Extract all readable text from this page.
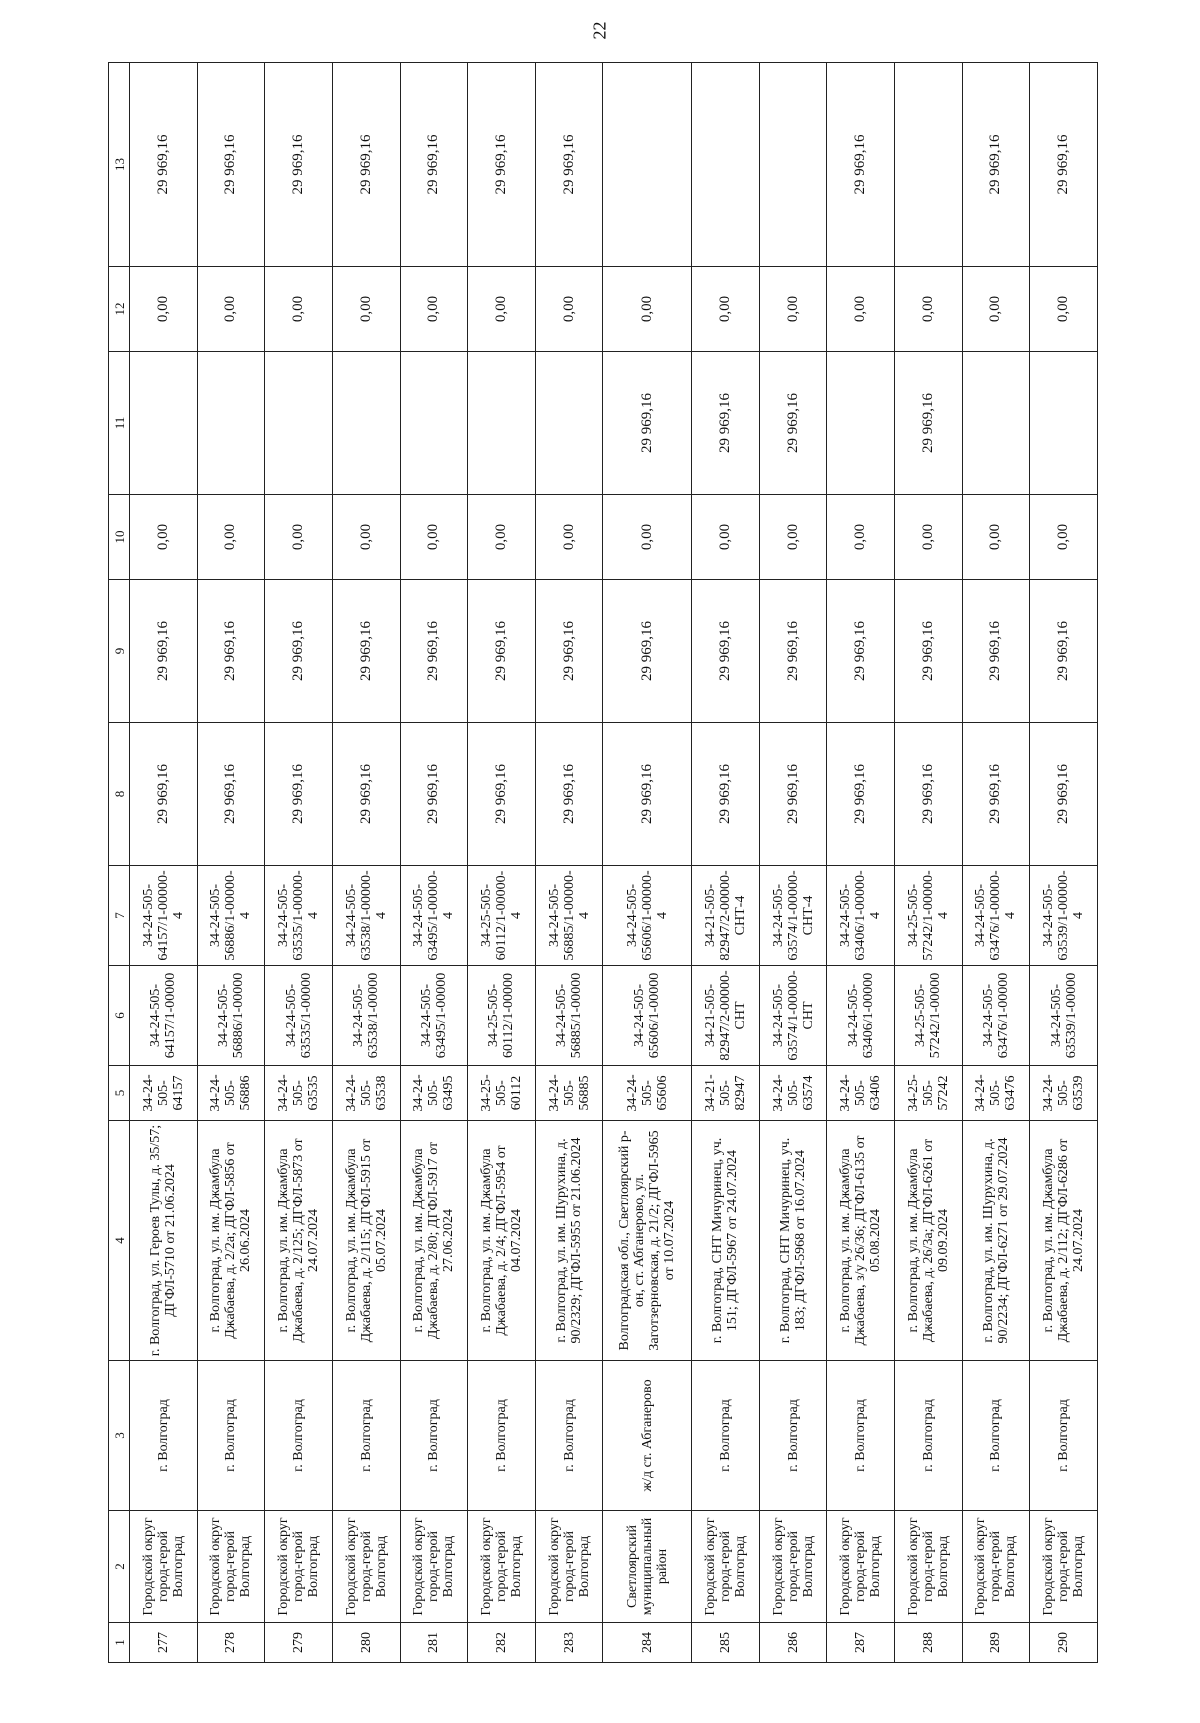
22
1	2	3	4	5	6	7	8	9	10	11	12	13
277	Городской округ город-герой Волгоград	г. Волгоград	г. Волгоград, ул. Героев Тулы, д. 35/57; ДГФЛ-5710 от 21.06.2024	34-24-505-64157	34-24-505-64157/1-00000	34-24-505-64157/1-00000-4	29 969,16	29 969,16	0,00		0,00	29 969,16
278	Городской округ город-герой Волгоград	г. Волгоград	г. Волгоград, ул. им. Джамбула Джабаева, д. 2/2а; ДГФЛ-5856 от 26.06.2024	34-24-505-56886	34-24-505-56886/1-00000	34-24-505-56886/1-00000-4	29 969,16	29 969,16	0,00		0,00	29 969,16
279	Городской округ город-герой Волгоград	г. Волгоград	г. Волгоград, ул. им. Джамбула Джабаева, д. 2/125; ДГФЛ-5873 от 24.07.2024	34-24-505-63535	34-24-505-63535/1-00000	34-24-505-63535/1-00000-4	29 969,16	29 969,16	0,00		0,00	29 969,16
280	Городской округ город-герой Волгоград	г. Волгоград	г. Волгоград, ул. им. Джамбула Джабаева, д. 2/115; ДГФЛ-5915 от 05.07.2024	34-24-505-63538	34-24-505-63538/1-00000	34-24-505-63538/1-00000-4	29 969,16	29 969,16	0,00		0,00	29 969,16
281	Городской округ город-герой Волгоград	г. Волгоград	г. Волгоград, ул. им. Джамбула Джабаева, д. 2/80; ДГФЛ-5917 от 27.06.2024	34-24-505-63495	34-24-505-63495/1-00000	34-24-505-63495/1-00000-4	29 969,16	29 969,16	0,00		0,00	29 969,16
282	Городской округ город-герой Волгоград	г. Волгоград	г. Волгоград, ул. им. Джамбула Джабаева, д. 2/4; ДГФЛ-5954 от 04.07.2024	34-25-505-60112	34-25-505-60112/1-00000	34-25-505-60112/1-00000-4	29 969,16	29 969,16	0,00		0,00	29 969,16
283	Городской округ город-герой Волгоград	г. Волгоград	г. Волгоград, ул. им. Шурухина, д. 90/2329; ДГФЛ-5955 от 21.06.2024	34-24-505-56885	34-24-505-56885/1-00000	34-24-505-56885/1-00000-4	29 969,16	29 969,16	0,00		0,00	29 969,16
284	Светлоярский муниципальный район	ж/д ст. Абганерово	Волгоградская обл., Светлоярский р-он, ст. Абганерово, ул. Заготзерновская, д. 21/2; ДГФЛ-5965 от 10.07.2024	34-24-505-65606	34-24-505-65606/1-00000	34-24-505-65606/1-00000-4	29 969,16	29 969,16	0,00	29 969,16	0,00	
285	Городской округ город-герой Волгоград	г. Волгоград	г. Волгоград, СНТ Мичуринец, уч. 151; ДГФЛ-5967 от 24.07.2024	34-21-505-82947	34-21-505-82947/2-00000-СНТ	34-21-505-82947/2-00000-СНТ-4	29 969,16	29 969,16	0,00	29 969,16	0,00	
286	Городской округ город-герой Волгоград	г. Волгоград	г. Волгоград, СНТ Мичуринец, уч. 183; ДГФЛ-5968 от 16.07.2024	34-24-505-63574	34-24-505-63574/1-00000-СНТ	34-24-505-63574/1-00000-СНТ-4	29 969,16	29 969,16	0,00	29 969,16	0,00	
287	Городской округ город-герой Волгоград	г. Волгоград	г. Волгоград, ул. им. Джамбула Джабаева, з/у 26/36; ДГФЛ-6135 от 05.08.2024	34-24-505-63406	34-24-505-63406/1-00000	34-24-505-63406/1-00000-4	29 969,16	29 969,16	0,00		0,00	29 969,16
288	Городской округ город-герой Волгоград	г. Волгоград	г. Волгоград, ул. им. Джамбула Джабаева, д. 26/3а; ДГФЛ-6261 от 09.09.2024	34-25-505-57242	34-25-505-57242/1-00000	34-25-505-57242/1-00000-4	29 969,16	29 969,16	0,00	29 969,16	0,00	
289	Городской округ город-герой Волгоград	г. Волгоград	г. Волгоград, ул. им. Шурухина, д. 90/2234; ДГФЛ-6271 от 29.07.2024	34-24-505-63476	34-24-505-63476/1-00000	34-24-505-63476/1-00000-4	29 969,16	29 969,16	0,00		0,00	29 969,16
290	Городской округ город-герой Волгоград	г. Волгоград	г. Волгоград, ул. им. Джамбула Джабаева, д. 2/112; ДГФЛ-6286 от 24.07.2024	34-24-505-63539	34-24-505-63539/1-00000	34-24-505-63539/1-00000-4	29 969,16	29 969,16	0,00		0,00	29 969,16
